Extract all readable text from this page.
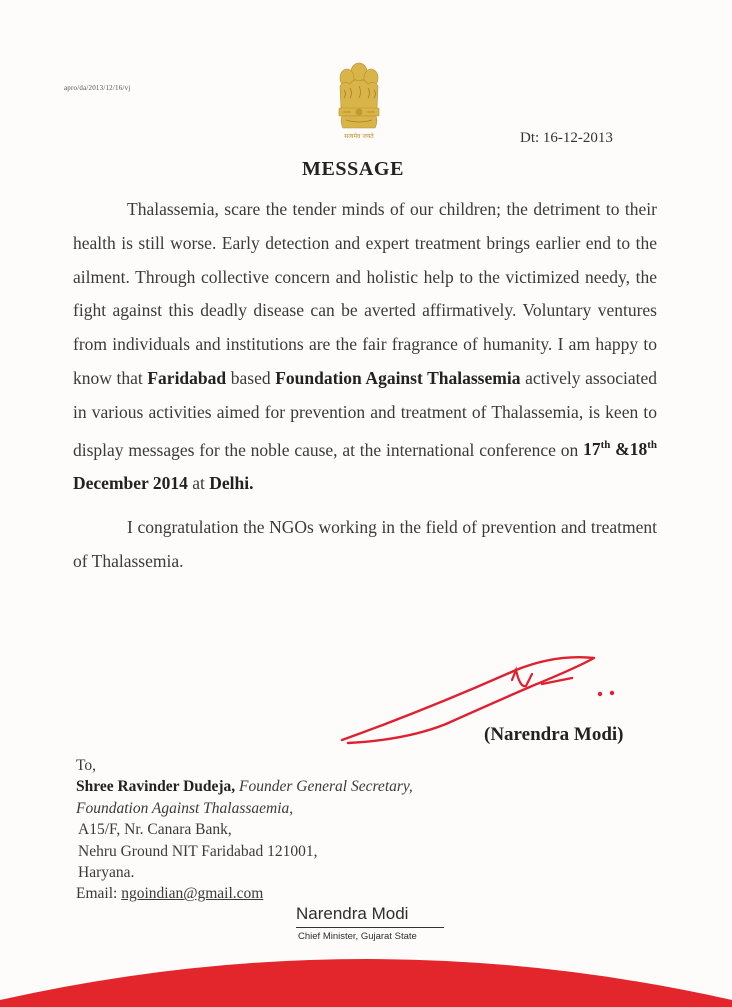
apro/da/2013/12/16/vj
सत्यमेव जयते	Dt: 16-12-2013
MESSAGE

Thalassemia, scare the tender minds of our children; the detriment to their health is still worse. Early detection and expert treatment brings earlier end to the ailment. Through collective concern and holistic help to the victimized needy, the fight against this deadly disease can be averted affirmatively. Voluntary ventures from individuals and institutions are the fair fragrance of humanity. I am happy to know that Faridabad based Foundation Against Thalassemia actively associated in various activities aimed for prevention and treatment of Thalassemia, is keen to display messages for the noble cause, at the international conference on 17th &18th December 2014 at Delhi.

I congratulation the NGOs working in the field of prevention and treatment of Thalassemia.

(Narendra Modi)
To,
Shree Ravinder Dudeja, Founder General Secretary,
Foundation Against Thalassaemia,
A15/F, Nr. Canara Bank,
Nehru Ground NIT Faridabad 121001,
Haryana.
Email: ngoindian@gmail.com
Narendra Modi
Chief Minister, Gujarat State
